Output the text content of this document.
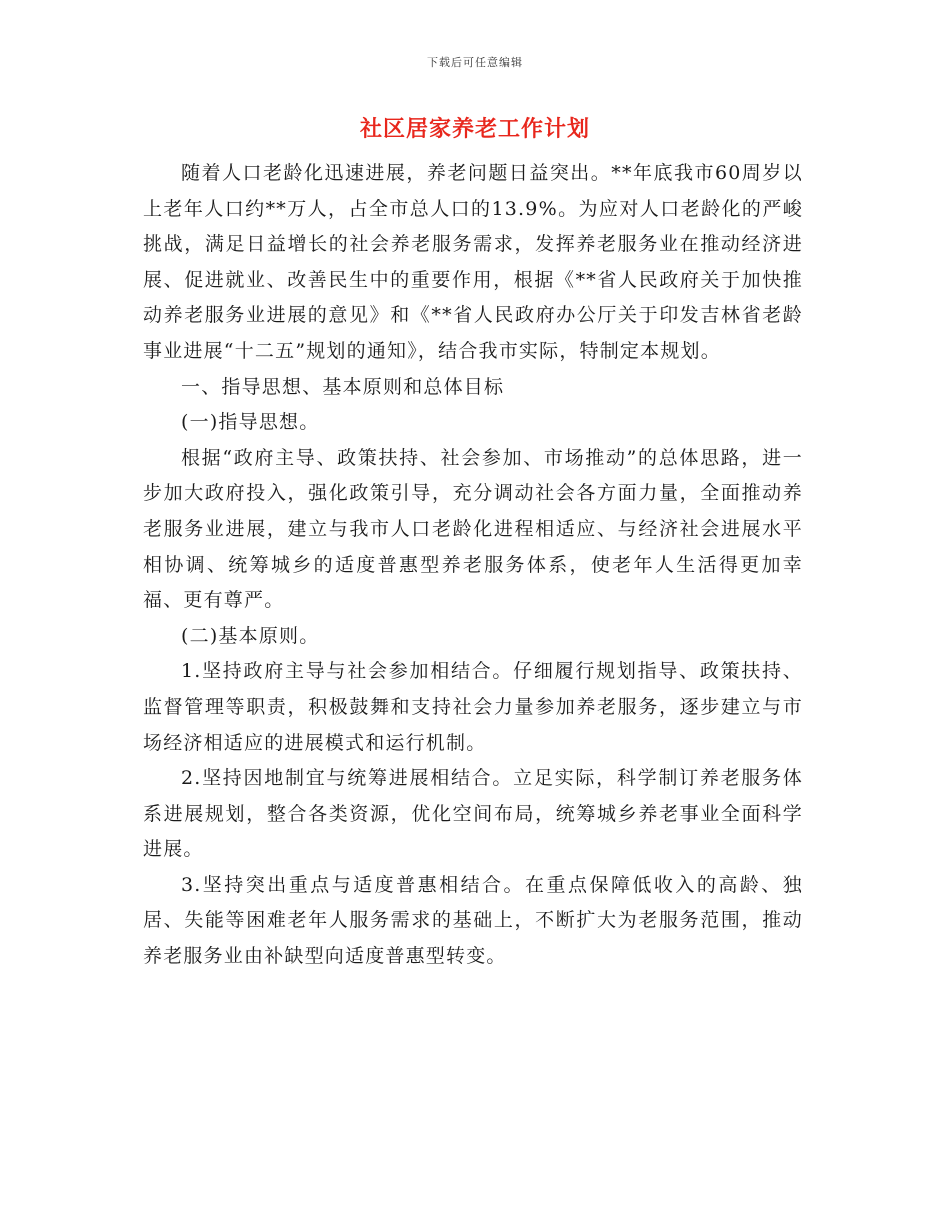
下载后可任意编辑
社区居家养老工作计划

随着人口老龄化迅速进展，养老问题日益突出。**年底我市60周岁以上老年人口约**万人，占全市总人口的13.9%。为应对人口老龄化的严峻挑战，满足日益增长的社会养老服务需求，发挥养老服务业在推动经济进展、促进就业、改善民生中的重要作用，根据《**省人民政府关于加快推动养老服务业进展的意见》和《**省人民政府办公厅关于印发吉林省老龄事业进展“十二五”规划的通知》，结合我市实际，特制定本规划。

一、指导思想、基本原则和总体目标

(一)指导思想。

根据“政府主导、政策扶持、社会参加、市场推动”的总体思路，进一步加大政府投入，强化政策引导，充分调动社会各方面力量，全面推动养老服务业进展，建立与我市人口老龄化进程相适应、与经济社会进展水平相协调、统筹城乡的适度普惠型养老服务体系，使老年人生活得更加幸福、更有尊严。

(二)基本原则。

1.坚持政府主导与社会参加相结合。仔细履行规划指导、政策扶持、监督管理等职责，积极鼓舞和支持社会力量参加养老服务，逐步建立与市场经济相适应的进展模式和运行机制。

2.坚持因地制宜与统筹进展相结合。立足实际，科学制订养老服务体系进展规划，整合各类资源，优化空间布局，统筹城乡养老事业全面科学进展。

3.坚持突出重点与适度普惠相结合。在重点保障低收入的高龄、独居、失能等困难老年人服务需求的基础上，不断扩大为老服务范围，推动养老服务业由补缺型向适度普惠型转变。
